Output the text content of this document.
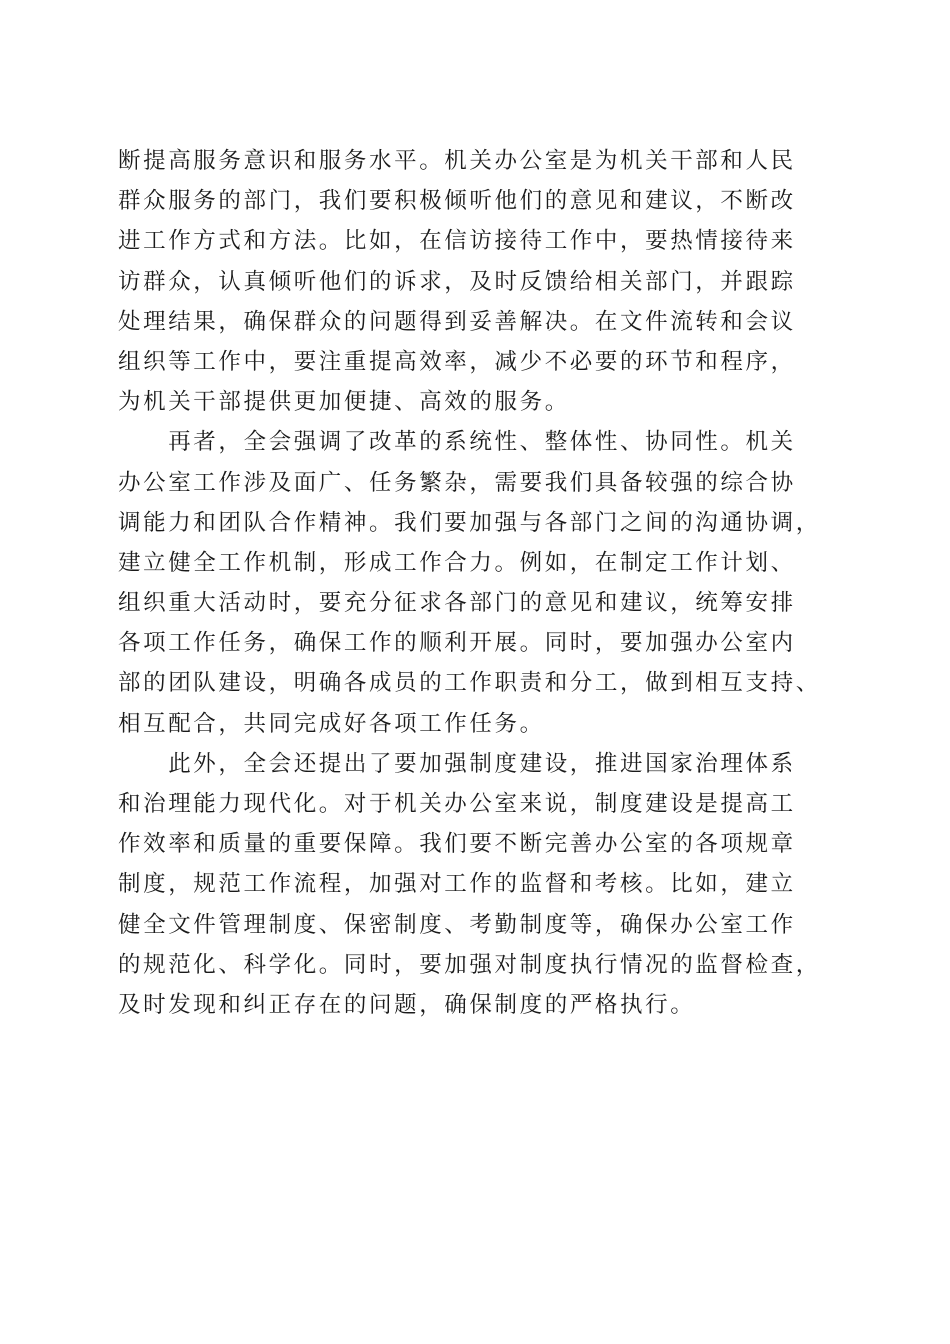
断提高服务意识和服务水平。机关办公室是为机关干部和人民
群众服务的部门，我们要积极倾听他们的意见和建议，不断改
进工作方式和方法。比如，在信访接待工作中，要热情接待来
访群众，认真倾听他们的诉求，及时反馈给相关部门，并跟踪
处理结果，确保群众的问题得到妥善解决。在文件流转和会议
组织等工作中，要注重提高效率，减少不必要的环节和程序，
为机关干部提供更加便捷、高效的服务。
　　再者，全会强调了改革的系统性、整体性、协同性。机关
办公室工作涉及面广、任务繁杂，需要我们具备较强的综合协
调能力和团队合作精神。我们要加强与各部门之间的沟通协调，
建立健全工作机制，形成工作合力。例如，在制定工作计划、
组织重大活动时，要充分征求各部门的意见和建议，统筹安排
各项工作任务，确保工作的顺利开展。同时，要加强办公室内
部的团队建设，明确各成员的工作职责和分工，做到相互支持、
相互配合，共同完成好各项工作任务。
　　此外，全会还提出了要加强制度建设，推进国家治理体系
和治理能力现代化。对于机关办公室来说，制度建设是提高工
作效率和质量的重要保障。我们要不断完善办公室的各项规章
制度，规范工作流程，加强对工作的监督和考核。比如，建立
健全文件管理制度、保密制度、考勤制度等，确保办公室工作
的规范化、科学化。同时，要加强对制度执行情况的监督检查，
及时发现和纠正存在的问题，确保制度的严格执行。
